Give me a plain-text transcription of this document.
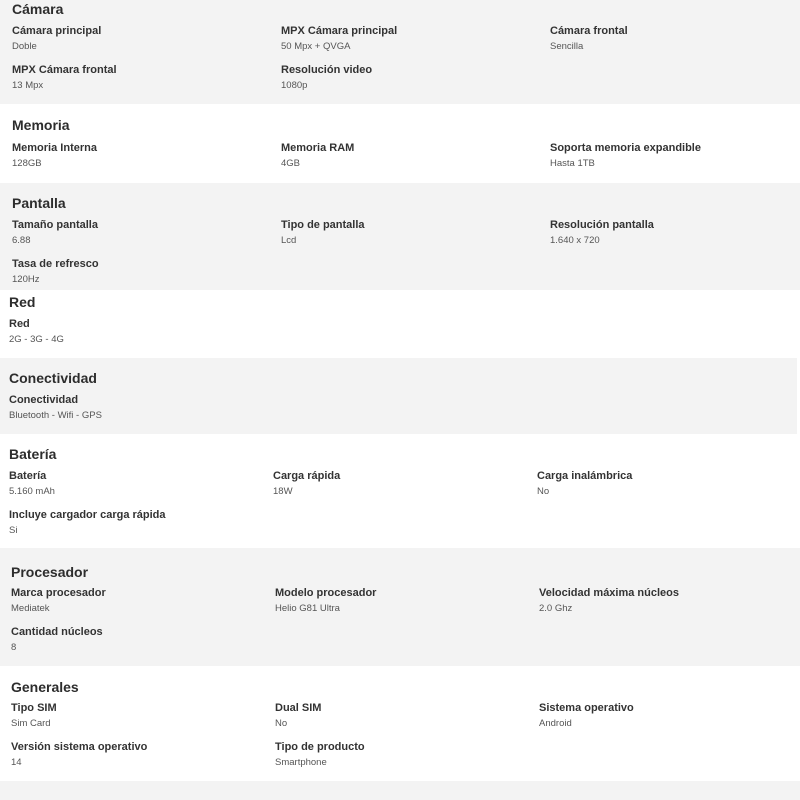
Cámara
Cámara principal
Doble
MPX Cámara principal
50 Mpx + QVGA
Cámara frontal
Sencilla
MPX Cámara frontal
13 Mpx
Resolución video
1080p
Memoria
Memoria Interna
128GB
Memoria RAM
4GB
Soporta memoria expandible
Hasta 1TB
Pantalla
Tamaño pantalla
6.88
Tipo de pantalla
Lcd
Resolución pantalla
1.640 x 720
Tasa de refresco
120Hz
Red
Red
2G - 3G - 4G
Conectividad
Conectividad
Bluetooth - Wifi - GPS
Batería
Batería
5.160 mAh
Carga rápida
18W
Carga inalámbrica
No
Incluye cargador carga rápida
Si
Procesador
Marca procesador
Mediatek
Modelo procesador
Helio G81 Ultra
Velocidad máxima núcleos
2.0 Ghz
Cantidad núcleos
8
Generales
Tipo SIM
Sim Card
Dual SIM
No
Sistema operativo
Android
Versión sistema operativo
14
Tipo de producto
Smartphone
